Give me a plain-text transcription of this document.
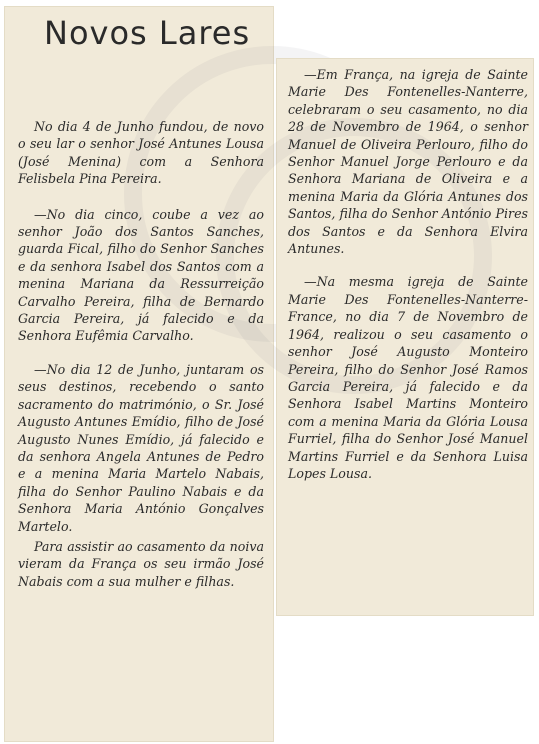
Novos Lares

No dia 4 de Junho fundou, de novo o seu lar o senhor José Antunes Lousa (José Menina) com a Senhora Felisbela Pina Pereira.

—No dia cinco, coube a vez ao senhor João dos Santos Sanches, guarda Fical, filho do Senhor Sanches e da senhora Isabel dos Santos com a menina Mariana da Ressurreição Carvalho Pereira, filha de Bernardo Garcia Pereira, já falecido e da Senhora Eufêmia Carvalho.

—No dia 12 de Junho, juntaram os seus destinos, recebendo o santo sacramento do matrimónio, o Sr. José Augusto Antunes Emídio, filho de José Augusto Nunes Emídio, já falecido e da senhora Angela Antunes de Pedro e a menina Maria Martelo Nabais, filha do Senhor Paulino Nabais e da Senhora Maria António Gonçalves Martelo.

Para assistir ao casamento da noiva vieram da França os seu irmão José Nabais com a sua mulher e filhas.

—Em França, na igreja de Sainte Marie Des Fontenelles-Nanterre, celebraram o seu casamento, no dia 28 de Novembro de 1964, o senhor Manuel de Oliveira Perlouro, filho do Senhor Manuel Jorge Perlouro e da Senhora Mariana de Oliveira e a menina Maria da Glória Antunes dos Santos, filha do Senhor António Pires dos Santos e da Senhora Elvira Antunes.

—Na mesma igreja de Sainte Marie Des Fontenelles-Nanterre-France, no dia 7 de Novembro de 1964, realizou o seu casamento o senhor José Augusto Monteiro Pereira, filho do Senhor José Ramos Garcia Pereira, já falecido e da Senhora Isabel Martins Monteiro com a menina Maria da Glória Lousa Furriel, filha do Senhor José Manuel Martins Furriel e da Senhora Luisa Lopes Lousa.
